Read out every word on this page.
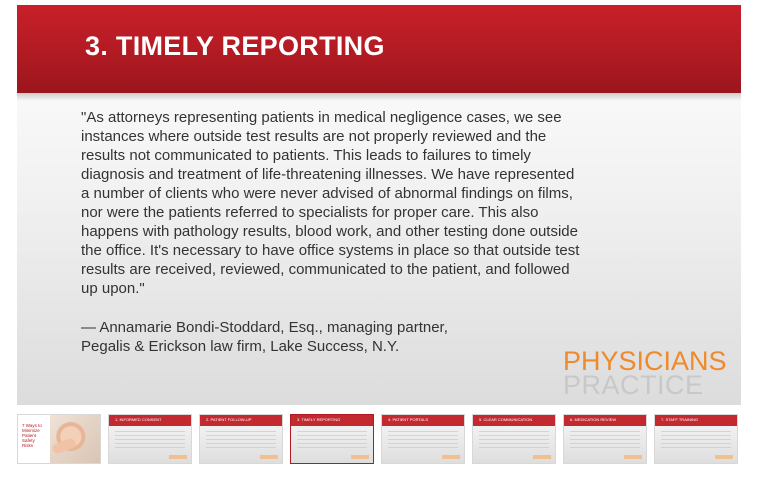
3. TIMELY REPORTING

"As attorneys representing patients in medical negligence cases, we see
instances where outside test results are not properly reviewed and the
results not communicated to patients. This leads to failures to timely
diagnosis and treatment of life-threatening illnesses. We have represented
a number of clients who were never advised of abnormal findings on films,
nor were the patients referred to specialists for proper care. This also
happens with pathology results, blood work, and other testing done outside
the office. It's necessary to have office systems in place so that outside test
results are received, reviewed, communicated to the patient, and followed
up upon."

— Annamarie Bondi-Stoddard, Esq., managing partner,
Pegalis & Erickson law firm, Lake Success, N.Y.	PHYSICIANS
PRACTICE
7 Ways to
Minimize
Patient
Safety
Risks
1. INFORMED CONSENT	2. PATIENT FOLLOW-UP	3. TIMELY REPORTING	4. PATIENT PORTALS	5. CLEAR COMMUNICATION	6. MEDICATION REVIEW	7. STAFF TRAINING
